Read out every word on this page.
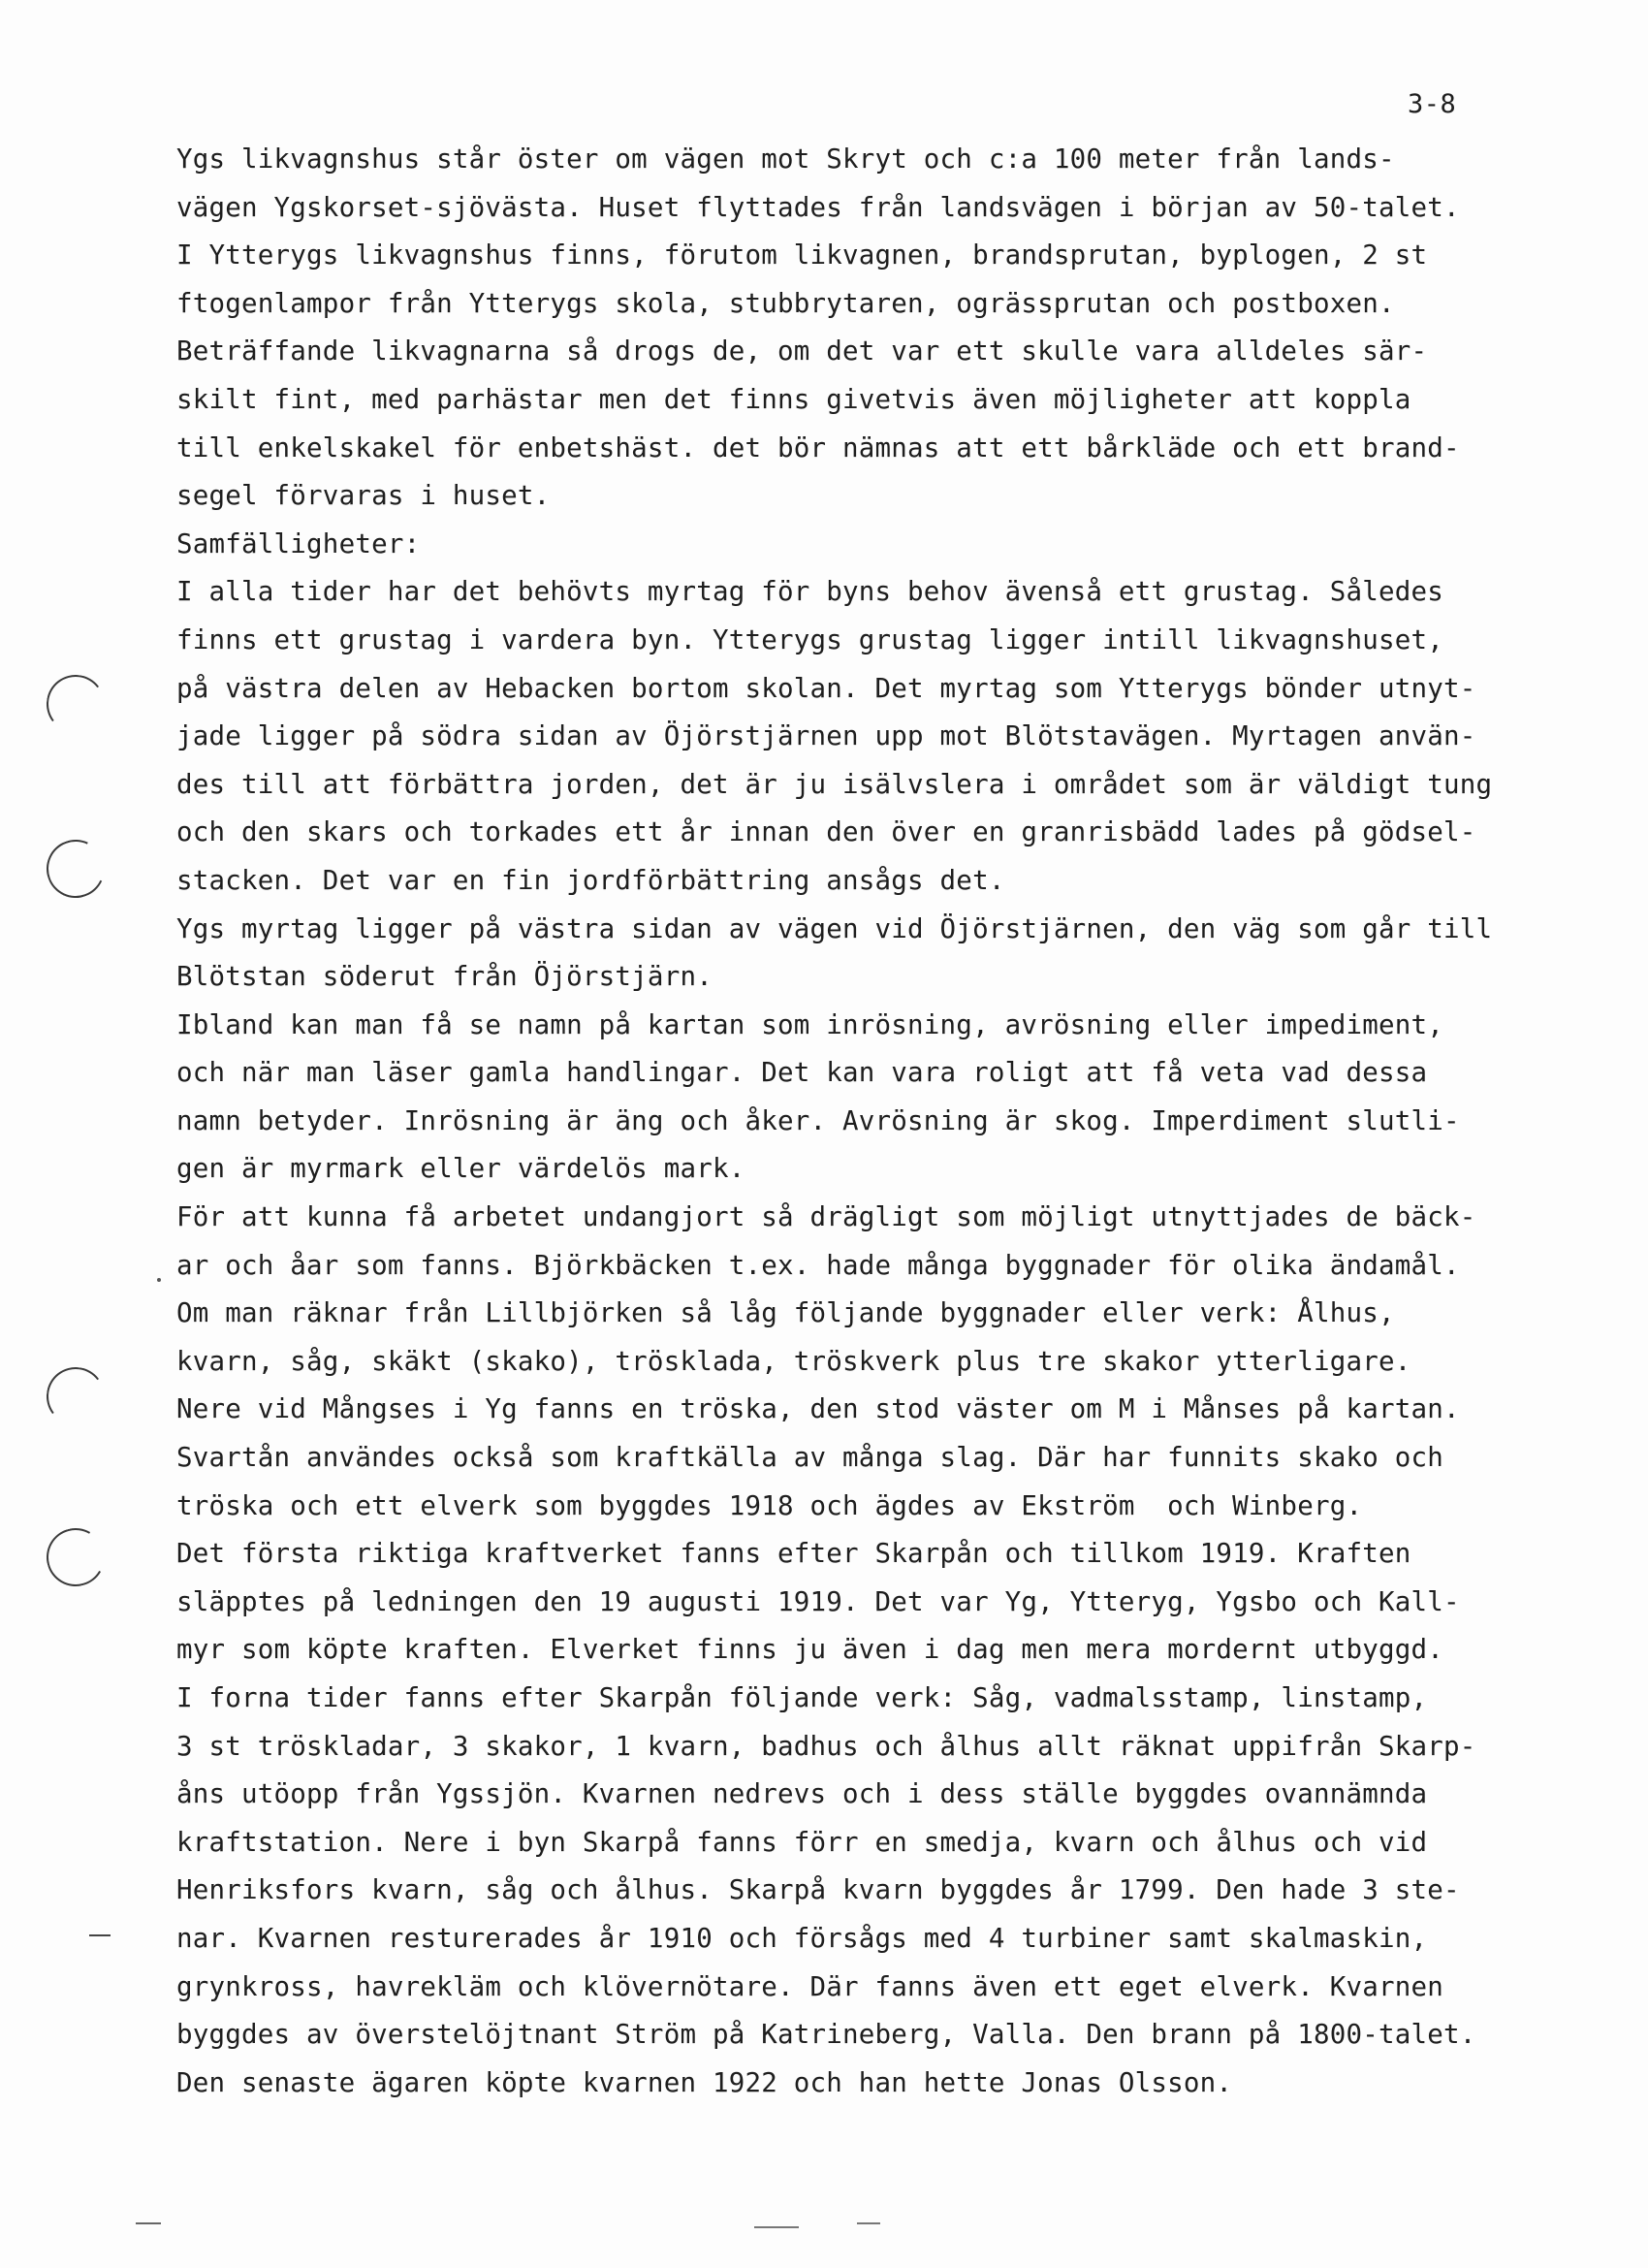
3-8
Ygs likvagnshus står öster om vägen mot Skryt och c:a 100 meter från lands-
vägen Ygskorset-sjövästa. Huset flyttades från landsvägen i början av 50-talet.
I Ytterygs likvagnshus finns, förutom likvagnen, brandsprutan, byplogen, 2 st
ftogenlampor från Ytterygs skola, stubbrytaren, ogrässprutan och postboxen.
Beträffande likvagnarna så drogs de, om det var ett skulle vara alldeles sär-
skilt fint, med parhästar men det finns givetvis även möjligheter att koppla
till enkelskakel för enbetshäst. det bör nämnas att ett bårkläde och ett brand-
segel förvaras i huset.
Samfälligheter:
I alla tider har det behövts myrtag för byns behov ävenså ett grustag. Således
finns ett grustag i vardera byn. Ytterygs grustag ligger intill likvagnshuset,
på västra delen av Hebacken bortom skolan. Det myrtag som Ytterygs bönder utnyt-
jade ligger på södra sidan av Öjörstjärnen upp mot Blötstavägen. Myrtagen använ-
des till att förbättra jorden, det är ju isälvslera i området som är väldigt tung
och den skars och torkades ett år innan den över en granrisbädd lades på gödsel-
stacken. Det var en fin jordförbättring ansågs det.
Ygs myrtag ligger på västra sidan av vägen vid Öjörstjärnen, den väg som går till
Blötstan söderut från Öjörstjärn.
Ibland kan man få se namn på kartan som inrösning, avrösning eller impediment,
och när man läser gamla handlingar. Det kan vara roligt att få veta vad dessa
namn betyder. Inrösning är äng och åker. Avrösning är skog. Imperdiment slutli-
gen är myrmark eller värdelös mark.
För att kunna få arbetet undangjort så drägligt som möjligt utnyttjades de bäck-
ar och åar som fanns. Björkbäcken t.ex. hade många byggnader för olika ändamål.
Om man räknar från Lillbjörken så låg följande byggnader eller verk: Ålhus,
kvarn, såg, skäkt (skako), trösklada, tröskverk plus tre skakor ytterligare.
Nere vid Mångses i Yg fanns en tröska, den stod väster om M i Månses på kartan.
Svartån användes också som kraftkälla av många slag. Där har funnits skako och
tröska och ett elverk som byggdes 1918 och ägdes av Ekström  och Winberg.
Det första riktiga kraftverket fanns efter Skarpån och tillkom 1919. Kraften
släpptes på ledningen den 19 augusti 1919. Det var Yg, Ytteryg, Ygsbo och Kall-
myr som köpte kraften. Elverket finns ju även i dag men mera mordernt utbyggd.
I forna tider fanns efter Skarpån följande verk: Såg, vadmalsstamp, linstamp,
3 st tröskladar, 3 skakor, 1 kvarn, badhus och ålhus allt räknat uppifrån Skarp-
åns utöopp från Ygssjön. Kvarnen nedrevs och i dess ställe byggdes ovannämnda
kraftstation. Nere i byn Skarpå fanns förr en smedja, kvarn och ålhus och vid
Henriksfors kvarn, såg och ålhus. Skarpå kvarn byggdes år 1799. Den hade 3 ste-
nar. Kvarnen resturerades år 1910 och försågs med 4 turbiner samt skalmaskin,
grynkross, havrekläm och klövernötare. Där fanns även ett eget elverk. Kvarnen
byggdes av överstelöjtnant Ström på Katrineberg, Valla. Den brann på 1800-talet.
Den senaste ägaren köpte kvarnen 1922 och han hette Jonas Olsson.
